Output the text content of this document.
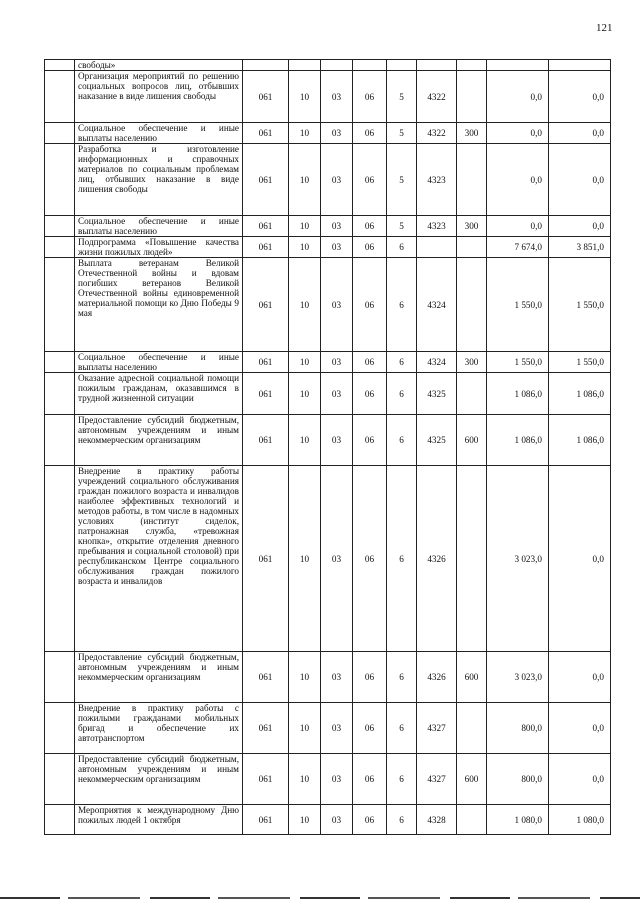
121
	свободы»									
	Организация мероприятий по решению социальных вопросов лиц, отбывших наказание в виде лишения свободы	061	10	03	06	5	4322		0,0	0,0
	Социальное обеспечение и иные выплаты населению	061	10	03	06	5	4322	300	0,0	0,0
	Разработка и изготовление информационных и справочных материалов по социальным проблемам лиц, отбывших наказание в виде лишения свободы	061	10	03	06	5	4323		0,0	0,0
	Социальное обеспечение и иные выплаты населению	061	10	03	06	5	4323	300	0,0	0,0
	Подпрограмма «Повышение качества жизни пожилых людей»	061	10	03	06	6			7 674,0	3 851,0
	Выплата ветеранам Великой Отечественной войны и вдовам погибших ветеранов Великой Отечественной войны единовременной материальной помощи ко Дню Победы 9 мая	061	10	03	06	6	4324		1 550,0	1 550,0
	Социальное обеспечение и иные выплаты населению	061	10	03	06	6	4324	300	1 550,0	1 550,0
	Оказание адресной социальной помощи пожилым гражданам, оказавшимся в трудной жизненной ситуации	061	10	03	06	6	4325		1 086,0	1 086,0
	Предоставление субсидий бюджетным, автономным учреждениям и иным некоммерческим организациям	061	10	03	06	6	4325	600	1 086,0	1 086,0
	Внедрение в практику работы учреждений социального обслуживания граждан пожилого возраста и инвалидов наиболее эффективных технологий и методов работы, в том числе в надомных условиях (институт сиделок, патронажная служба, «тревожная кнопка», открытие отделения дневного пребывания и социальной столовой) при республиканском Центре социального обслуживания граждан пожилого возраста и инвалидов	061	10	03	06	6	4326		3 023,0	0,0
	Предоставление субсидий бюджетным, автономным учреждениям и иным некоммерческим организациям	061	10	03	06	6	4326	600	3 023,0	0,0
	Внедрение в практику работы с пожилыми гражданами мобильных бригад и обеспечение их автотранспортом	061	10	03	06	6	4327		800,0	0,0
	Предоставление субсидий бюджетным, автономным учреждениям и иным некоммерческим организациям	061	10	03	06	6	4327	600	800,0	0,0
	Мероприятия к международному Дню пожилых людей 1 октября	061	10	03	06	6	4328		1 080,0	1 080,0
